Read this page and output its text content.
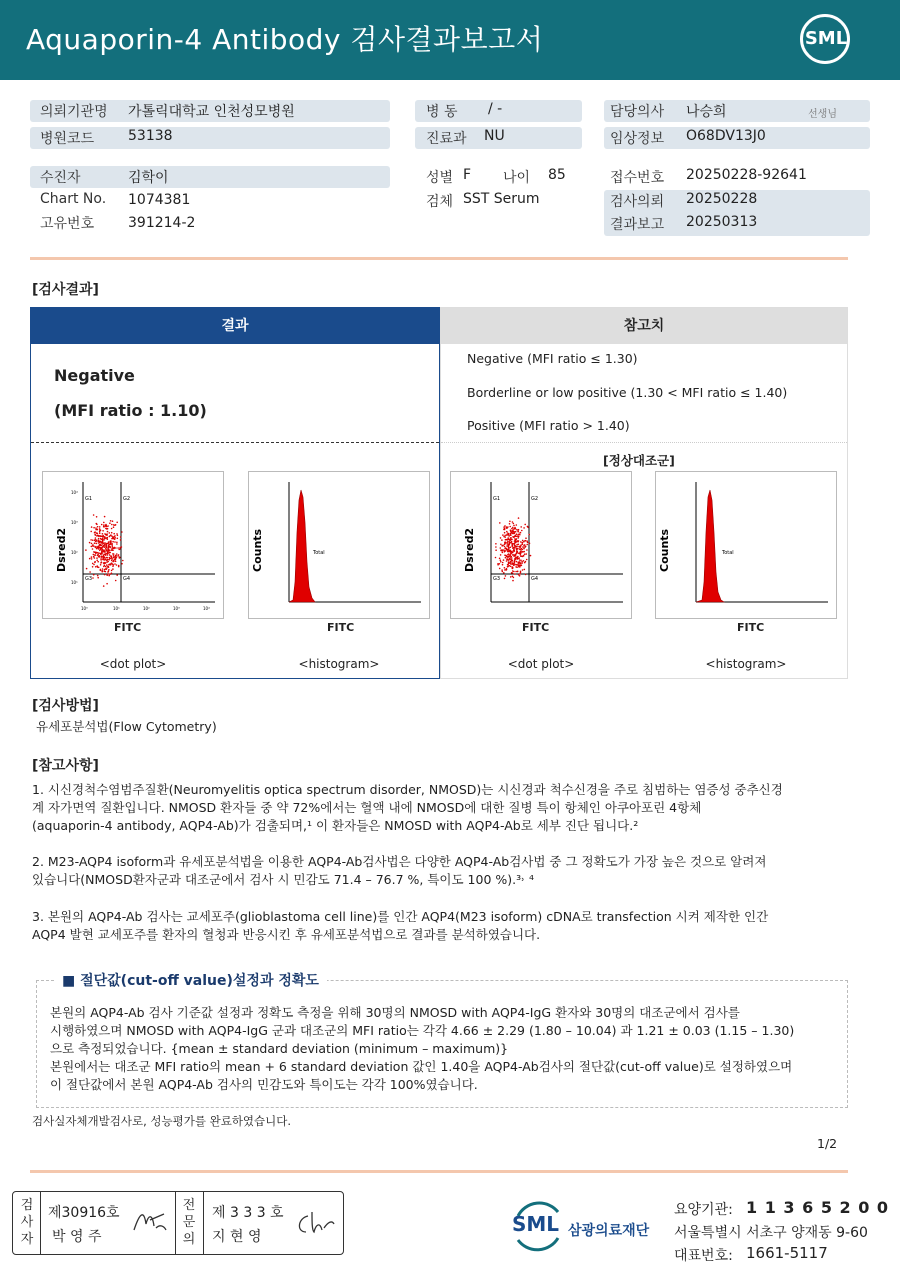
Aquaporin-4 Antibody 검사결과보고서	SML
의뢰기관명 가톨릭대학교 인천성모병원
병원코드 53138
병 동 / -
진료과 NU
담당의사 나승희	선생님
임상정보 O68DV13J0
수진자	김학이
Chart No. 1074381
고유번호 391214-2
성별 F 나이 85
검체 SST Serum
접수번호 20250228-92641
검사의뢰 20250228
결과보고 20250313
[검사결과]
결과	참고치
Negative
(MFI ratio : 1.10)
Negative (MFI ratio ≤ 1.30)
Borderline or low positive (1.30 < MFI ratio ≤ 1.40)
Positive (MFI ratio > 1.40)
[정상대조군]
G1	G2
G3	G4
10⁴
10³
10²
10¹
10⁰	10¹	10²	10³	10⁴
Dsred2
FITC
<dot plot>
Total
Counts
FITC
<histogram>
G1	G2
G3	G4
Dsred2
FITC
<dot plot>
Total
Counts
FITC
<histogram>
[검사방법]
유세포분석법(Flow Cytometry)
[참고사항]
1. 시신경척수염범주질환(Neuromyelitis optica spectrum disorder, NMOSD)는 시신경과 척수신경을 주로 침범하는 염증성 중추신경
계 자가면역 질환입니다. NMOSD 환자들 중 약 72%에서는 혈액 내에 NMOSD에 대한 질병 특이 항체인 아쿠아포린 4항체
(aquaporin-4 antibody, AQP4-Ab)가 검출되며,¹ 이 환자들은 NMOSD with AQP4-Ab로 세부 진단 됩니다.²
2. M23-AQP4 isoform과 유세포분석법을 이용한 AQP4-Ab검사법은 다양한 AQP4-Ab검사법 중 그 정확도가 가장 높은 것으로 알려져
있습니다(NMOSD환자군과 대조군에서 검사 시 민감도 71.4 – 76.7 %, 특이도 100 %).³˒ ⁴
3. 본원의 AQP4-Ab 검사는 교세포주(glioblastoma cell line)를 인간 AQP4(M23 isoform) cDNA로 transfection 시켜 제작한 인간
AQP4 발현 교세포주를 환자의 혈청과 반응시킨 후 유세포분석법으로 결과를 분석하였습니다.
■ 절단값(cut-off value)설정과 정확도
본원의 AQP4-Ab 검사 기준값 설정과 정확도 측정을 위해 30명의 NMOSD with AQP4-IgG 환자와 30명의 대조군에서 검사를
시행하였으며 NMOSD with AQP4-IgG 군과 대조군의 MFI ratio는 각각 4.66 ± 2.29 (1.80 – 10.04) 과 1.21 ± 0.03 (1.15 – 1.30)
으로 측정되었습니다. {mean ± standard deviation (minimum – maximum)}
본원에서는 대조군 MFI ratio의 mean + 6 standard deviation 값인 1.40을 AQP4-Ab검사의 절단값(cut-off value)로 설정하였으며
이 절단값에서 본원 AQP4-Ab 검사의 민감도와 특이도는 각각 100%였습니다.
검사실자체개발검사로, 성능평가를 완료하였습니다.
1/2
검사자
제30916호
박 영 주
전문의
제 3 3 3 호
지 현 영
SML 삼광의료재단
요양기관: 1 1 3 6 5 2 0 0
서울특별시 서초구 양재동 9-60
대표번호: 1661-5117
